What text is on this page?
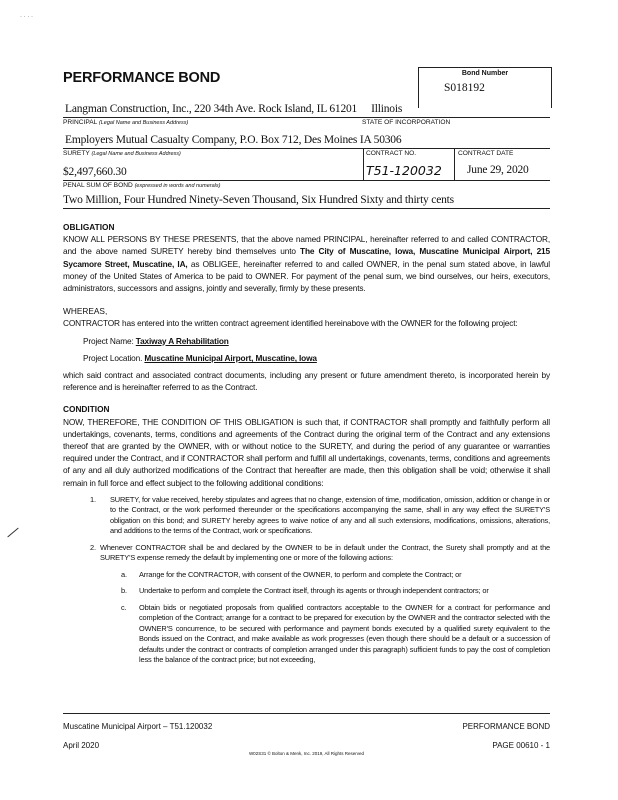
· · · ·
PERFORMANCE BOND	Bond Number
S018192
Langman Construction, Inc., 220 34th Ave. Rock Island, IL 61201 Illinois
PRINCIPAL (Legal Name and Business Address)	STATE OF INCORPORATION
Employers Mutual Casualty Company, P.O. Box 712, Des Moines IA 50306
SURETY (Legal Name and Business Address)	CONTRACT NO.	CONTRACT DATE
$2,497,660.30	T51-120032 June 29, 2020
PENAL SUM OF BOND (expressed in words and numerals)
Two Million, Four Hundred Ninety-Seven Thousand, Six Hundred Sixty and thirty cents
OBLIGATION
KNOW ALL PERSONS BY THESE PRESENTS, that the above named PRINCIPAL, hereinafter referred to and called CONTRACTOR, and the above named SURETY hereby bind themselves unto The City of Muscatine, Iowa, Muscatine Municipal Airport, 215 Sycamore Street, Muscatine, IA, as OBLIGEE, hereinafter referred to and called OWNER, in the penal sum stated above, in lawful money of the United States of America to be paid to OWNER. For payment of the penal sum, we bind ourselves, our heirs, executors, administrators, successors and assigns, jointly and severally, firmly by these presents.
WHEREAS,
CONTRACTOR has entered into the written contract agreement identified hereinabove with the OWNER for the following project:
Project Name: Taxiway A Rehabilitation
Project Location. Muscatine Municipal Airport, Muscatine, Iowa
which said contract and associated contract documents, including any present or future amendment thereto, is incorporated herein by reference and is hereinafter referred to as the Contract.
CONDITION
NOW, THEREFORE, THE CONDITION OF THIS OBLIGATION is such that, if CONTRACTOR shall promptly and faithfully perform all undertakings, covenants, terms, conditions and agreements of the Contract during the original term of the Contract and any extensions thereof that are granted by the OWNER, with or without notice to the SURETY, and during the period of any guarantee or warranties required under the Contract, and if CONTRACTOR shall perform and fulfill all undertakings, covenants, terms, conditions and agreements of any and all duly authorized modifications of the Contract that hereafter are made, then this obligation shall be void; otherwise it shall remain in full force and effect subject to the following additional conditions:
1.	SURETY, for value received, hereby stipulates and agrees that no change, extension of time, modification, omission, addition or change in or to the Contract, or the work performed thereunder or the specifications accompanying the same, shall in any way effect the SURETY'S obligation on this bond; and SURETY hereby agrees to waive notice of any and all such extensions, modifications, omissions, alterations, and additions to the terms of the Contract, work or specifications.
2. Whenever CONTRACTOR shall be and declared by the OWNER to be in default under the Contract, the Surety shall promptly and at the SURETY'S expense remedy the default by implementing one or more of the following actions:
a.	Arrange for the CONTRACTOR, with consent of the OWNER, to perform and complete the Contract; or
b.	Undertake to perform and complete the Contract itself, through its agents or through independent contractors; or
c.	Obtain bids or negotiated proposals from qualified contractors acceptable to the OWNER for a contract for performance and completion of the Contract; arrange for a contract to be prepared for execution by the OWNER and the contractor selected with the OWNER'S concurrence, to be secured with performance and payment bonds executed by a qualified surety equivalent to the Bonds issued on the Contract, and make available as work progresses (even though there should be a default or a succession of defaults under the contract or contracts of completion arranged under this paragraph) sufficient funds to pay the cost of completion less the balance of the contract price; but not exceeding,
Muscatine Municipal Airport – T51.120032	PERFORMANCE BOND
April 2020	PAGE 00610 - 1
W02S31 © Bolton & Menk, Inc. 2019, All Rights Reserved
